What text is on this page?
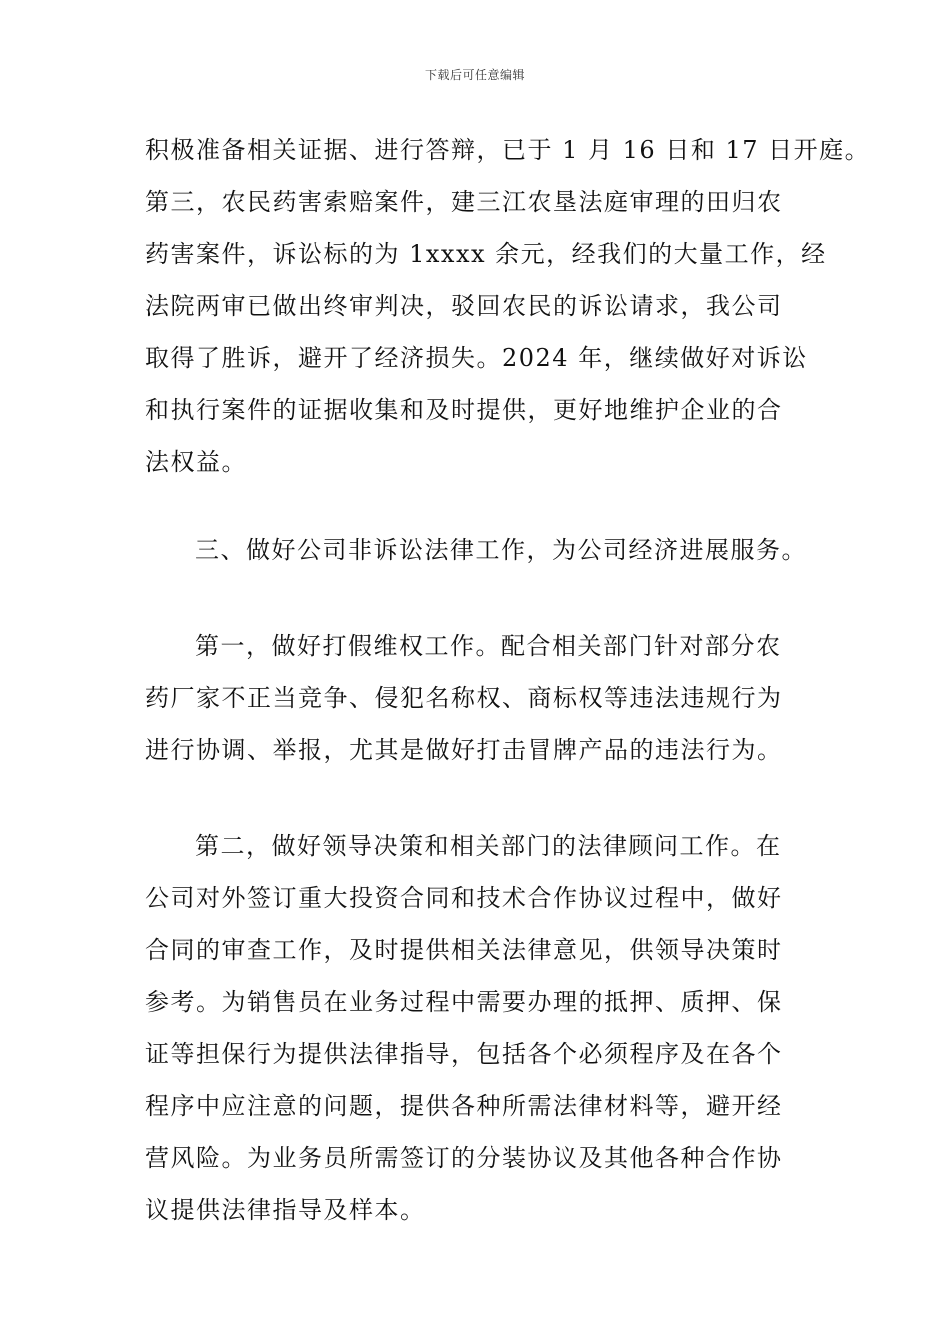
下载后可任意编辑
积极准备相关证据、进行答辩，已于 1 月 16 日和 17 日开庭。
第三，农民药害索赔案件，建三江农垦法庭审理的田归农
药害案件，诉讼标的为 1xxxx 余元，经我们的大量工作，经
法院两审已做出终审判决，驳回农民的诉讼请求，我公司
取得了胜诉，避开了经济损失。2024 年，继续做好对诉讼
和执行案件的证据收集和及时提供，更好地维护企业的合
法权益。
三、做好公司非诉讼法律工作，为公司经济进展服务。
第一，做好打假维权工作。配合相关部门针对部分农
药厂家不正当竞争、侵犯名称权、商标权等违法违规行为
进行协调、举报，尤其是做好打击冒牌产品的违法行为。
第二，做好领导决策和相关部门的法律顾问工作。在
公司对外签订重大投资合同和技术合作协议过程中，做好
合同的审查工作，及时提供相关法律意见，供领导决策时
参考。为销售员在业务过程中需要办理的抵押、质押、保
证等担保行为提供法律指导，包括各个必须程序及在各个
程序中应注意的问题，提供各种所需法律材料等，避开经
营风险。为业务员所需签订的分装协议及其他各种合作协
议提供法律指导及样本。
